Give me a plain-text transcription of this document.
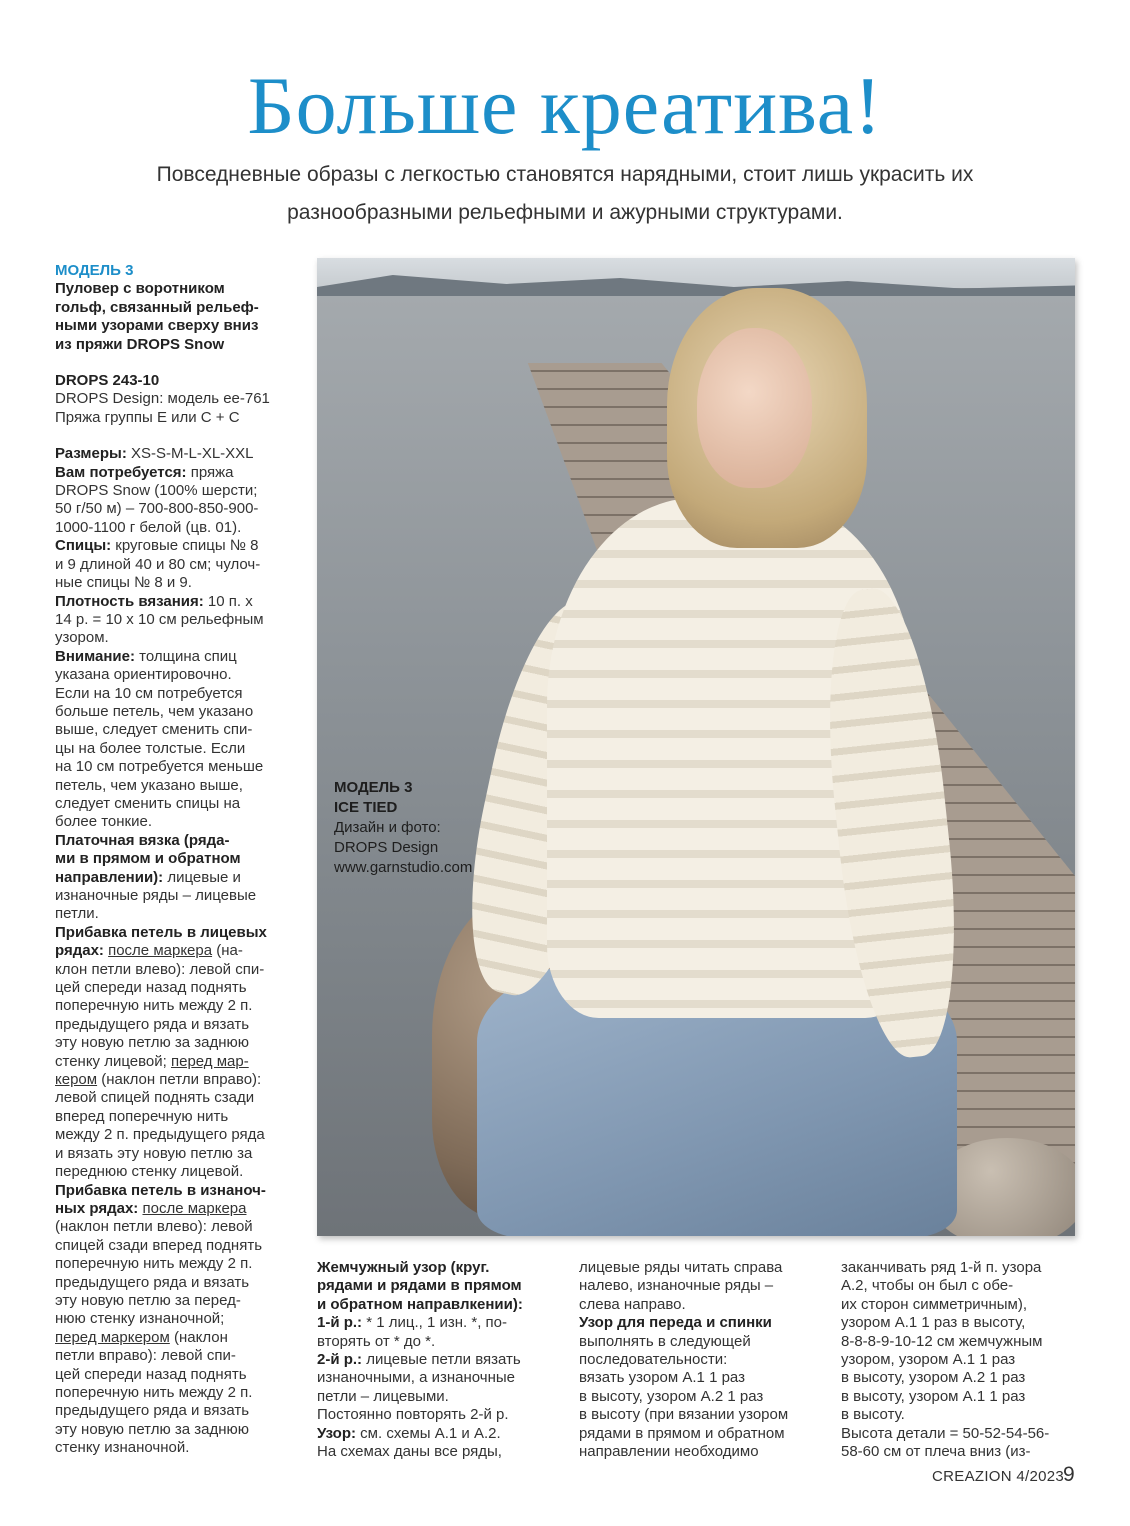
Больше креатива!
Повседневные образы с легкостью становятся нарядными, стоит лишь украсить их
разнообразными рельефными и ажурными структурами.

МОДЕЛЬ 3

Пуловер с воротником

гольф, связанный рельеф-

ными узорами сверху вниз

из пряжи DROPS Snow

DROPS 243-10

DROPS Design: модель ee-761

Пряжа группы E или C + C

Размеры: XS-S-M-L-XL-XXL

Вам потребуется: пряжа

DROPS Snow (100% шерсти;

50 г/50 м) – 700-800-850-900-

1000-1100 г белой (цв. 01).

Спицы: круговые спицы № 8

и 9 длиной 40 и 80 см; чулоч-

ные спицы № 8 и 9.

Плотность вязания: 10 п. х

14 р. = 10 х 10 см рельефным

узором.

Внимание: толщина спиц

указана ориентировочно.

Если на 10 см потребуется

больше петель, чем указано

выше, следует сменить спи-

цы на более толстые. Если

на 10 см потребуется меньше

петель, чем указано выше,

следует сменить спицы на

более тонкие.

Платочная вязка (ряда-

ми в прямом и обратном

направлении): лицевые и

изнаночные ряды – лицевые

петли.

Прибавка петель в лицевых

рядах: после маркера (на-

клон петли влево): левой спи-

цей спереди назад поднять

поперечную нить между 2 п.

предыдущего ряда и вязать

эту новую петлю за заднюю

стенку лицевой; перед мар-

кером (наклон петли вправо):

левой спицей поднять сзади

вперед поперечную нить

между 2 п. предыдущего ряда

и вязать эту новую петлю за

переднюю стенку лицевой.

Прибавка петель в изнаноч-

ных рядах: после маркера

(наклон петли влево): левой

спицей сзади вперед поднять

поперечную нить между 2 п.

предыдущего ряда и вязать

эту новую петлю за перед-

нюю стенку изнаночной;

перед маркером (наклон

петли вправо): левой спи-

цей спереди назад поднять

поперечную нить между 2 п.

предыдущего ряда и вязать

эту новую петлю за заднюю

стенку изнаночной.

МОДЕЛЬ 3
ICE TIED
Дизайн и фото:
DROPS Design
www.garnstudio.com

Жемчужный узор (круг.

рядами и рядами в прямом

и обратном направлкении):

1-й р.: * 1 лиц., 1 изн. *, по-

вторять от * до *.

2-й р.: лицевые петли вязать

изнаночными, а изнаночные

петли – лицевыми.

Постоянно повторять 2-й р.

Узор: см. схемы А.1 и А.2.

На схемах даны все ряды,

лицевые ряды читать справа

налево, изнаночные ряды –

слева направо.

Узор для переда и спинки

выполнять в следующей

последовательности:

вязать узором А.1 1 раз

в высоту, узором А.2 1 раз

в высоту (при вязании узором

рядами в прямом и обратном

направлении необходимо

заканчивать ряд 1-й п. узора

А.2, чтобы он был с обе-

их сторон симметричным),

узором А.1 1 раз в высоту,

8-8-8-9-10-12 см жемчужным

узором, узором А.1 1 раз

в высоту, узором А.2 1 раз

в высоту, узором А.1 1 раз

в высоту.

Высота детали = 50-52-54-56-

58-60 см от плеча вниз (из-

CREAZION 4/2023
9
